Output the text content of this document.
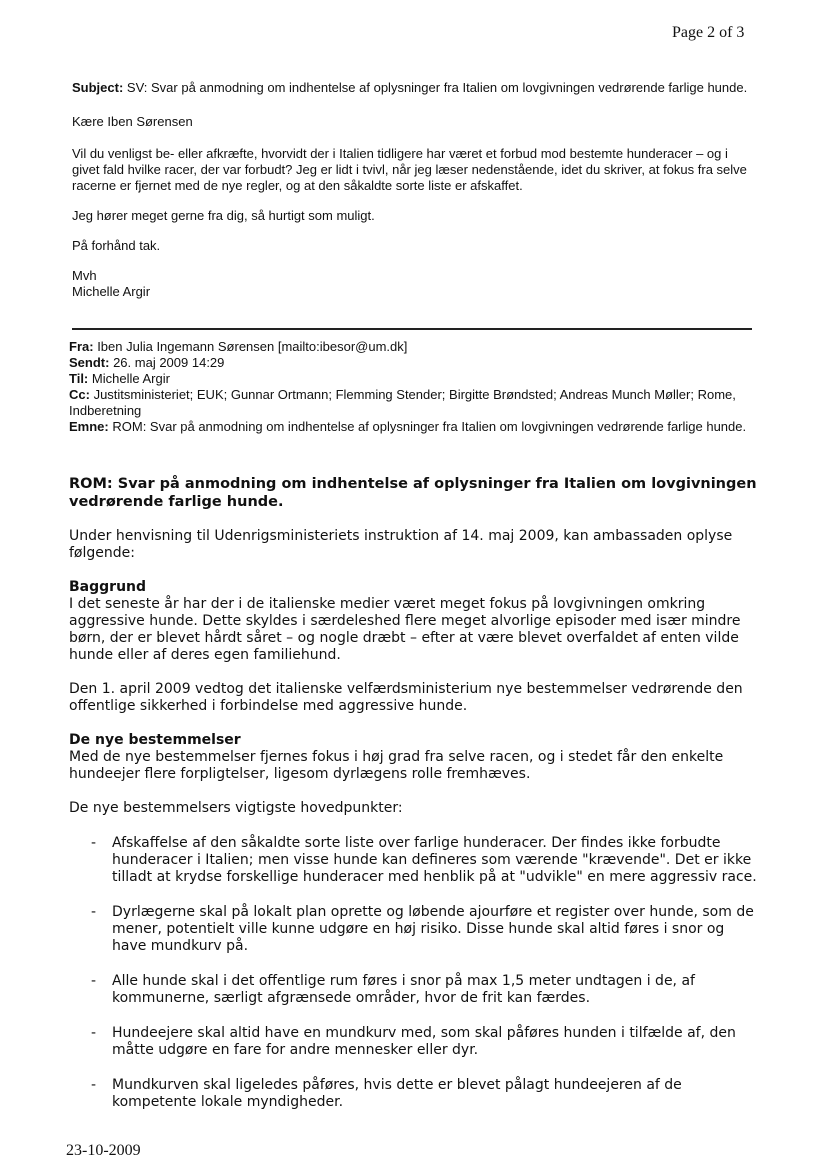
Page 2 of 3

Subject: SV: Svar på anmodning om indhentelse af oplysninger fra Italien om lovgivningen vedrørende farlige hunde.

Kære Iben Sørensen

Vil du venligst be- eller afkræfte, hvorvidt der i Italien tidligere har været et forbud mod bestemte hunderacer – og i givet fald hvilke racer, der var forbudt? Jeg er lidt i tvivl, når jeg læser nedenstående, idet du skriver, at fokus fra selve racerne er fjernet med de nye regler, og at den såkaldte sorte liste er afskaffet.

Jeg hører meget gerne fra dig, så hurtigt som muligt.

På forhånd tak.

Mvh

Michelle Argir

Fra: Iben Julia Ingemann Sørensen [mailto:ibesor@um.dk]

Sendt: 26. maj 2009 14:29

Til: Michelle Argir

Cc: Justitsministeriet; EUK; Gunnar Ortmann; Flemming Stender; Birgitte Brøndsted; Andreas Munch Møller; Rome, Indberetning

Emne: ROM: Svar på anmodning om indhentelse af oplysninger fra Italien om lovgivningen vedrørende farlige hunde.

ROM: Svar på anmodning om indhentelse af oplysninger fra Italien om lovgivningen vedrørende farlige hunde.

Under henvisning til Udenrigsministeriets instruktion af 14. maj 2009, kan ambassaden oplyse følgende:

Baggrund

I det seneste år har der i de italienske medier været meget fokus på lovgivningen omkring aggressive hunde. Dette skyldes i særdeleshed flere meget alvorlige episoder med især mindre børn, der er blevet hårdt såret – og nogle dræbt – efter at være blevet overfaldet af enten vilde hunde eller af deres egen familiehund.

Den 1. april 2009 vedtog det italienske velfærdsministerium nye bestemmelser vedrørende den offentlige sikkerhed i forbindelse med aggressive hunde.

De nye bestemmelser

Med de nye bestemmelser fjernes fokus i høj grad fra selve racen, og i stedet får den enkelte hundeejer flere forpligtelser, ligesom dyrlægens rolle fremhæves.

De nye bestemmelsers vigtigste hovedpunkter:

- Afskaffelse af den såkaldte sorte liste over farlige hunderacer. Der findes ikke forbudte hunderacer i Italien; men visse hunde kan defineres som værende "krævende". Det er ikke tilladt at krydse forskellige hunderacer med henblik på at "udvikle" en mere aggressiv race.
- Dyrlægerne skal på lokalt plan oprette og løbende ajourføre et register over hunde, som de mener, potentielt ville kunne udgøre en høj risiko. Disse hunde skal altid føres i snor og have mundkurv på.
- Alle hunde skal i det offentlige rum føres i snor på max 1,5 meter undtagen i de, af kommunerne, særligt afgrænsede områder, hvor de frit kan færdes.
- Hundeejere skal altid have en mundkurv med, som skal påføres hunden i tilfælde af, den måtte udgøre en fare for andre mennesker eller dyr.
- Mundkurven skal ligeledes påføres, hvis dette er blevet pålagt hundeejeren af de kompetente lokale myndigheder.
23-10-2009
